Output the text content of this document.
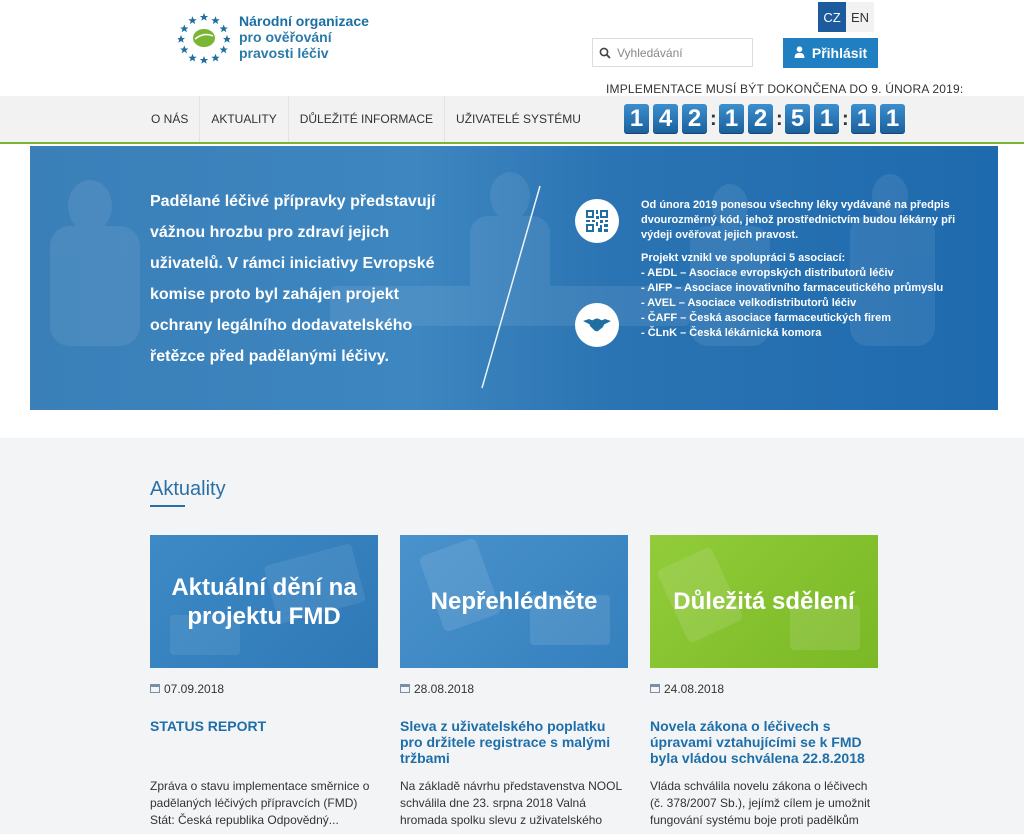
Národní organizace
pro ověřování
pravosti léčiv
CZ EN
Vyhledávání
Přihlásit
IMPLEMENTACE MUSÍ BÝT DOKONČENA DO 9. ÚNORA 2019:
O NÁS	AKTUALITY	DŮLEŽITÉ INFORMACE	UŽIVATELÉ SYSTÉMU	1 4 2 : 1 2 : 5 1 : 1 1
Padělané léčivé přípravky představují vážnou hrozbu pro zdraví jejich uživatelů. V rámci iniciativy Evropské komise proto byl zahájen projekt ochrany legálního dodavatelského řetězce před padělanými léčivy.
Od února 2019 ponesou všechny léky vydávané na předpis dvourozměrný kód, jehož prostřednictvím budou lékárny při výdeji ověřovat jejich pravost.
Projekt vznikl ve spolupráci 5 asociací:
- AEDL – Asociace evropských distributorů léčiv
- AIFP – Asociace inovativního farmaceutického průmyslu
- AVEL – Asociace velkodistributorů léčiv
- ČAFF – Česká asociace farmaceutických firem
- ČLnK – Česká lékárnická komora
Aktuality
Aktuální dění na projektu FMD
07.09.2018
STATUS REPORT
Zpráva o stavu implementace směrnice o padělaných léčivých přípravcích (FMD) Stát: Česká republika Odpovědný...
Nepřehlédněte
28.08.2018
Sleva z uživatelského poplatku pro držitele registrace s malými tržbami
Na základě návrhu představenstva NOOL schválila dne 23. srpna 2018 Valná hromada spolku slevu z uživatelského
Důležitá sdělení
24.08.2018
Novela zákona o léčivech s úpravami vztahujícími se k FMD byla vládou schválena 22.8.2018
Vláda schválila novelu zákona o léčivech (č. 378/2007 Sb.), jejímž cílem je umožnit fungování systému boje proti padělkům
